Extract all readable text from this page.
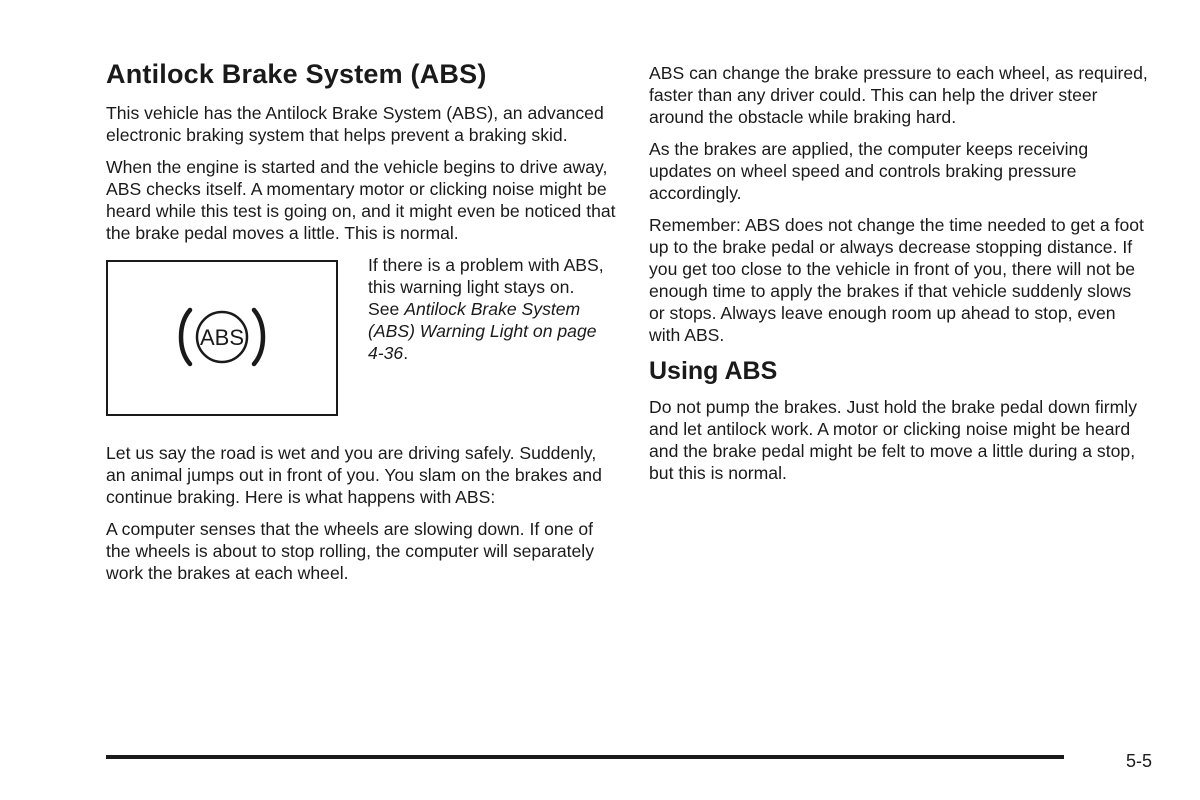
Antilock Brake System (ABS)

This vehicle has the Antilock Brake System (ABS), an advanced electronic braking system that helps prevent a braking skid.

When the engine is started and the vehicle begins to drive away, ABS checks itself. A momentary motor or clicking noise might be heard while this test is going on, and it might even be noticed that the brake pedal moves a little. This is normal.

ABS
If there is a problem with ABS, this warning light stays on. See Antilock Brake System (ABS) Warning Light on page 4-36.

Let us say the road is wet and you are driving safely. Suddenly, an animal jumps out in front of you. You slam on the brakes and continue braking. Here is what happens with ABS:

A computer senses that the wheels are slowing down. If one of the wheels is about to stop rolling, the computer will separately work the brakes at each wheel.

ABS can change the brake pressure to each wheel, as required, faster than any driver could. This can help the driver steer around the obstacle while braking hard.

As the brakes are applied, the computer keeps receiving updates on wheel speed and controls braking pressure accordingly.

Remember: ABS does not change the time needed to get a foot up to the brake pedal or always decrease stopping distance. If you get too close to the vehicle in front of you, there will not be enough time to apply the brakes if that vehicle suddenly slows or stops. Always leave enough room up ahead to stop, even with ABS.

Using ABS

Do not pump the brakes. Just hold the brake pedal down firmly and let antilock work. A motor or clicking noise might be heard and the brake pedal might be felt to move a little during a stop, but this is normal.

5-5
